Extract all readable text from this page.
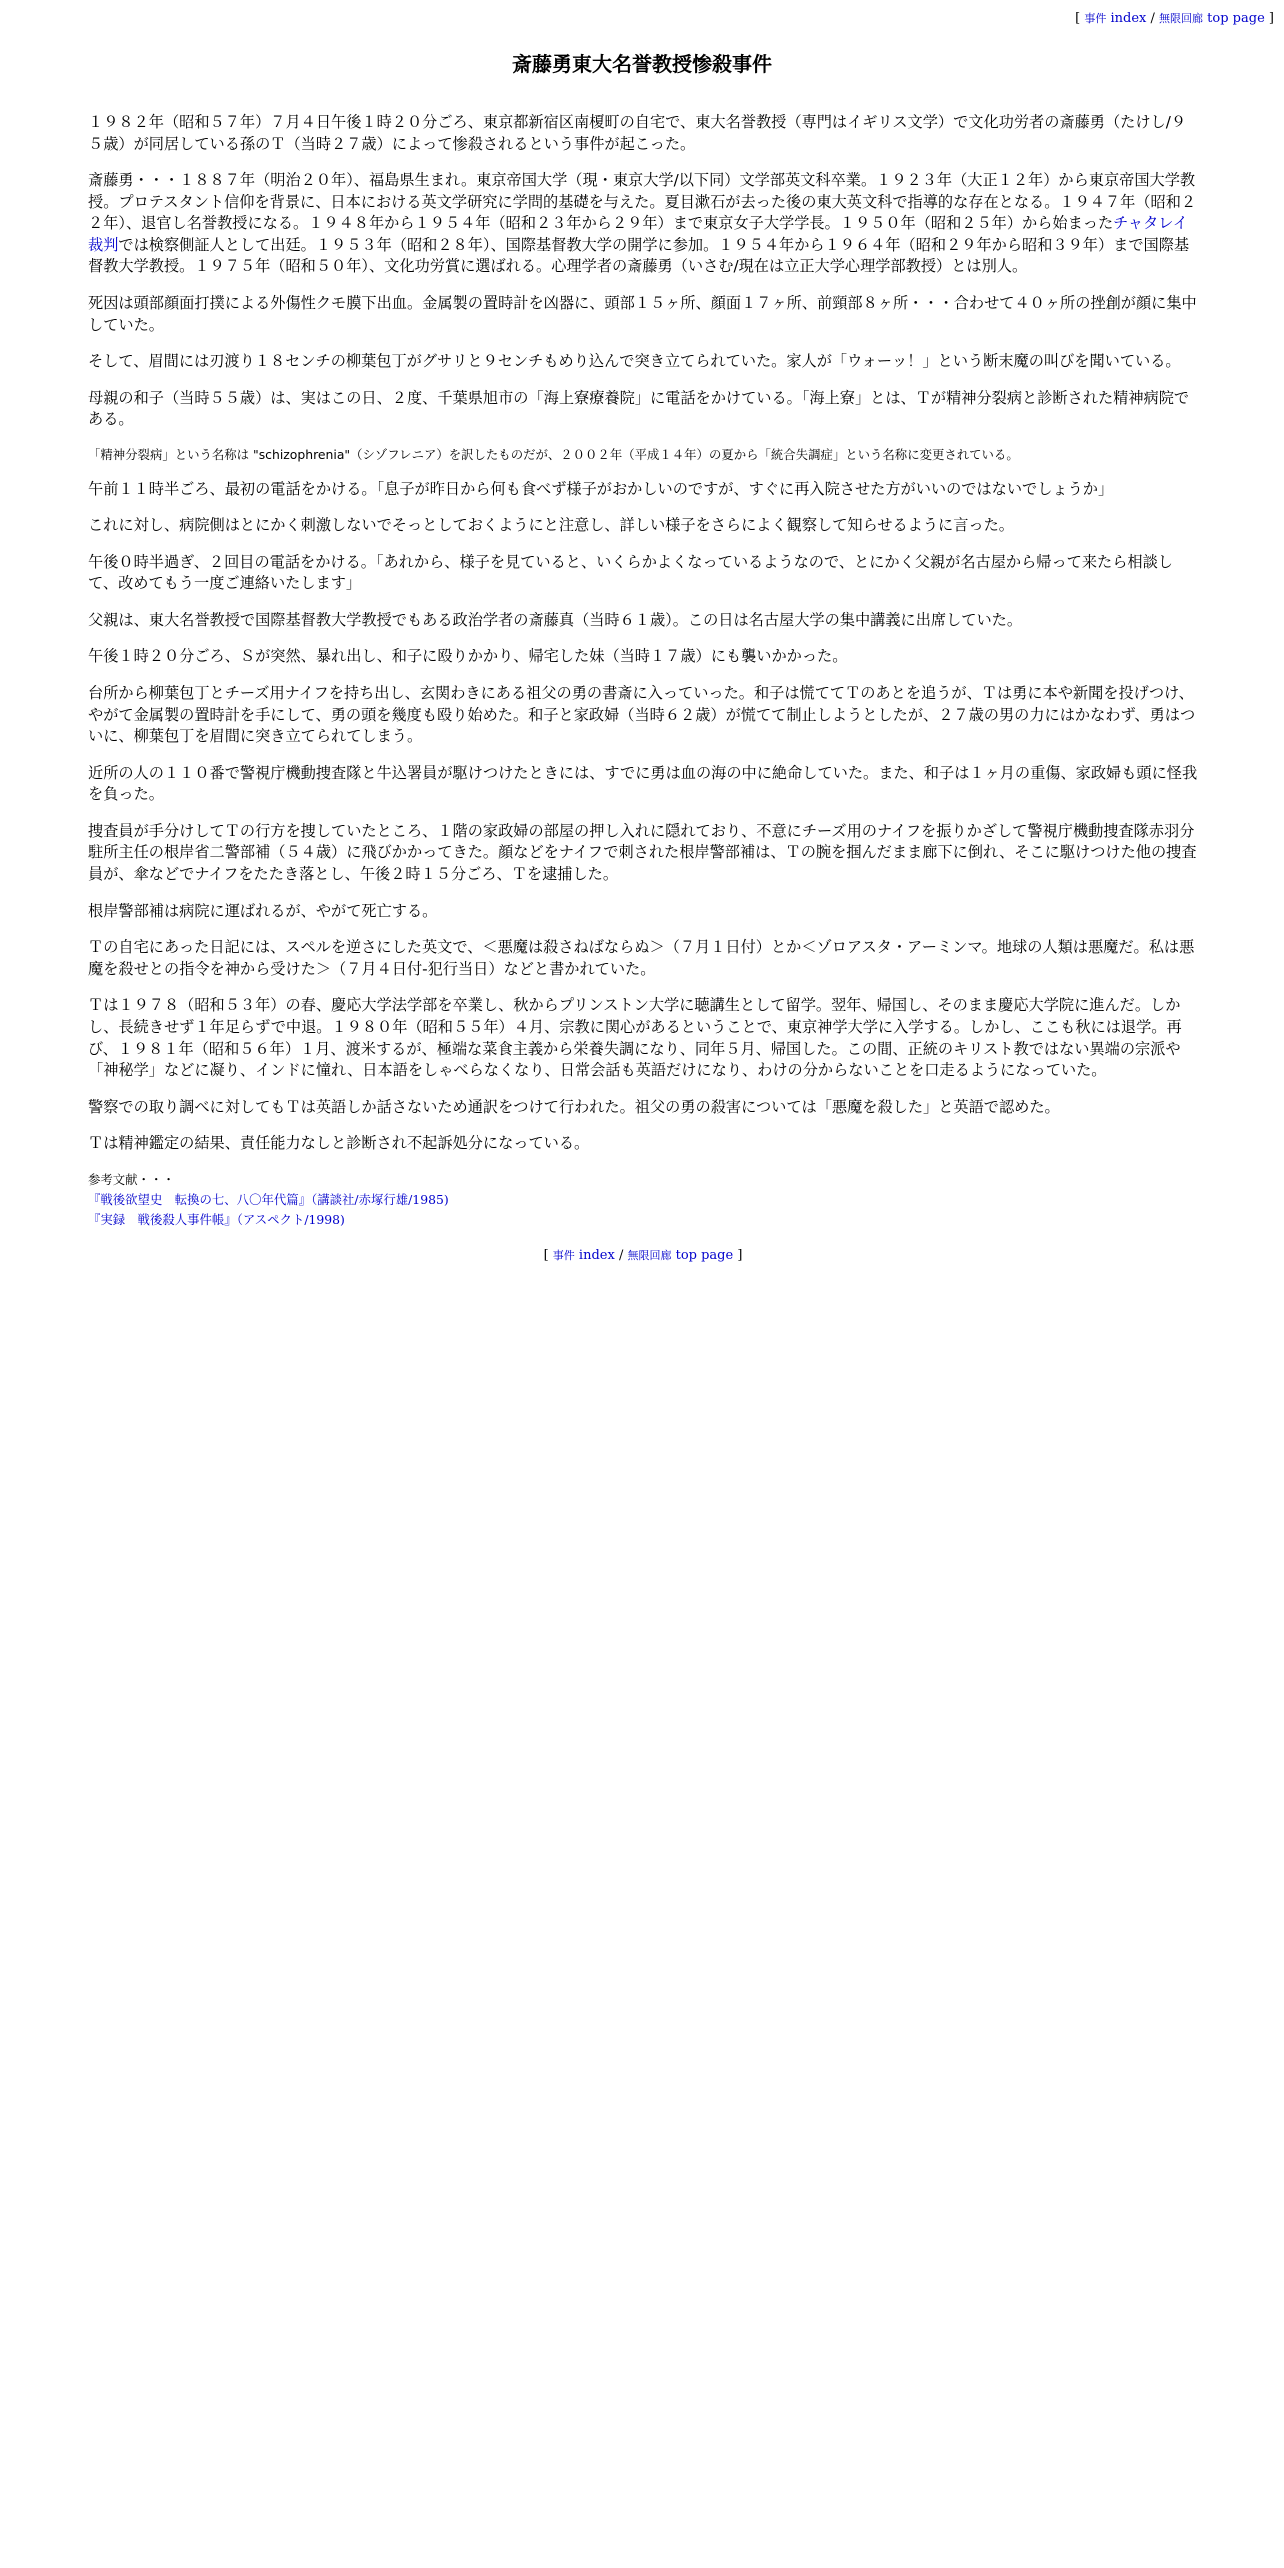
[ 事件 index / 無限回廊 top page ]
斎藤勇東大名誉教授惨殺事件

１９８２年（昭和５７年）７月４日午後１時２０分ごろ、東京都新宿区南榎町の自宅で、東大名誉教授（専門はイギリス文学）で文化功労者の斎藤勇（たけし/９５歳）が同居している孫のＴ（当時２７歳）によって惨殺されるという事件が起こった。

斎藤勇・・・１８８７年（明治２０年）、福島県生まれ。東京帝国大学（現・東京大学/以下同）文学部英文科卒業。１９２３年（大正１２年）から東京帝国大学教授。プロテスタント信仰を背景に、日本における英文学研究に学問的基礎を与えた。夏目漱石が去った後の東大英文科で指導的な存在となる。１９４７年（昭和２２年）、退官し名誉教授になる。１９４８年から１９５４年（昭和２３年から２９年）まで東京女子大学学長。１９５０年（昭和２５年）から始まったチャタレイ裁判では検察側証人として出廷。１９５３年（昭和２８年）、国際基督教大学の開学に参加。１９５４年から１９６４年（昭和２９年から昭和３９年）まで国際基督教大学教授。１９７５年（昭和５０年）、文化功労賞に選ばれる。心理学者の斎藤勇（いさむ/現在は立正大学心理学部教授）とは別人。

死因は頭部顔面打撲による外傷性クモ膜下出血。金属製の置時計を凶器に、頭部１５ヶ所、顔面１７ヶ所、前頸部８ヶ所・・・合わせて４０ヶ所の挫創が顔に集中していた。

そして、眉間には刃渡り１８センチの柳葉包丁がグサリと９センチもめり込んで突き立てられていた。家人が「ウォーッ！」という断末魔の叫びを聞いている。

母親の和子（当時５５歳）は、実はこの日、２度、千葉県旭市の「海上寮療養院」に電話をかけている。「海上寮」とは、Ｔが精神分裂病と診断された精神病院である。

「精神分裂病」という名称は "schizophrenia"（シゾフレニア）を訳したものだが、２００２年（平成１４年）の夏から「統合失調症」という名称に変更されている。

午前１１時半ごろ、最初の電話をかける。「息子が昨日から何も食べず様子がおかしいのですが、すぐに再入院させた方がいいのではないでしょうか」

これに対し、病院側はとにかく刺激しないでそっとしておくようにと注意し、詳しい様子をさらによく観察して知らせるように言った。

午後０時半過ぎ、２回目の電話をかける。「あれから、様子を見ていると、いくらかよくなっているようなので、とにかく父親が名古屋から帰って来たら相談して、改めてもう一度ご連絡いたします」

父親は、東大名誉教授で国際基督教大学教授でもある政治学者の斎藤真（当時６１歳）。この日は名古屋大学の集中講義に出席していた。

午後１時２０分ごろ、Ｓが突然、暴れ出し、和子に殴りかかり、帰宅した妹（当時１７歳）にも襲いかかった。

台所から柳葉包丁とチーズ用ナイフを持ち出し、玄関わきにある祖父の勇の書斎に入っていった。和子は慌ててＴのあとを追うが、Ｔは勇に本や新聞を投げつけ、やがて金属製の置時計を手にして、勇の頭を幾度も殴り始めた。和子と家政婦（当時６２歳）が慌てて制止しようとしたが、２７歳の男の力にはかなわず、勇はついに、柳葉包丁を眉間に突き立てられてしまう。

近所の人の１１０番で警視庁機動捜査隊と牛込署員が駆けつけたときには、すでに勇は血の海の中に絶命していた。また、和子は１ヶ月の重傷、家政婦も頭に怪我を負った。

捜査員が手分けしてＴの行方を捜していたところ、１階の家政婦の部屋の押し入れに隠れており、不意にチーズ用のナイフを振りかざして警視庁機動捜査隊赤羽分駐所主任の根岸省二警部補（５４歳）に飛びかかってきた。顔などをナイフで刺された根岸警部補は、Ｔの腕を掴んだまま廊下に倒れ、そこに駆けつけた他の捜査員が、傘などでナイフをたたき落とし、午後２時１５分ごろ、Ｔを逮捕した。

根岸警部補は病院に運ばれるが、やがて死亡する。

Ｔの自宅にあった日記には、スペルを逆さにした英文で、＜悪魔は殺さねばならぬ＞（７月１日付）とか＜ゾロアスタ・アーミンマ。地球の人類は悪魔だ。私は悪魔を殺せとの指令を神から受けた＞（７月４日付-犯行当日）などと書かれていた。

Ｔは１９７８（昭和５３年）の春、慶応大学法学部を卒業し、秋からプリンストン大学に聴講生として留学。翌年、帰国し、そのまま慶応大学院に進んだ。しかし、長続きせず１年足らずで中退。１９８０年（昭和５５年）４月、宗教に関心があるということで、東京神学大学に入学する。しかし、ここも秋には退学。再び、１９８１年（昭和５６年）１月、渡米するが、極端な菜食主義から栄養失調になり、同年５月、帰国した。この間、正統のキリスト教ではない異端の宗派や「神秘学」などに凝り、インドに憧れ、日本語をしゃべらなくなり、日常会話も英語だけになり、わけの分からないことを口走るようになっていた。

警察での取り調べに対してもＴは英語しか話さないため通訳をつけて行われた。祖父の勇の殺害については「悪魔を殺した」と英語で認めた。

Ｔは精神鑑定の結果、責任能力なしと診断され不起訴処分になっている。

参考文献・・・
『戦後欲望史　転換の七、八〇年代篇』（講談社/赤塚行雄/1985)
『実録　戦後殺人事件帳』（アスペクト/1998)
[ 事件 index / 無限回廊 top page ]
